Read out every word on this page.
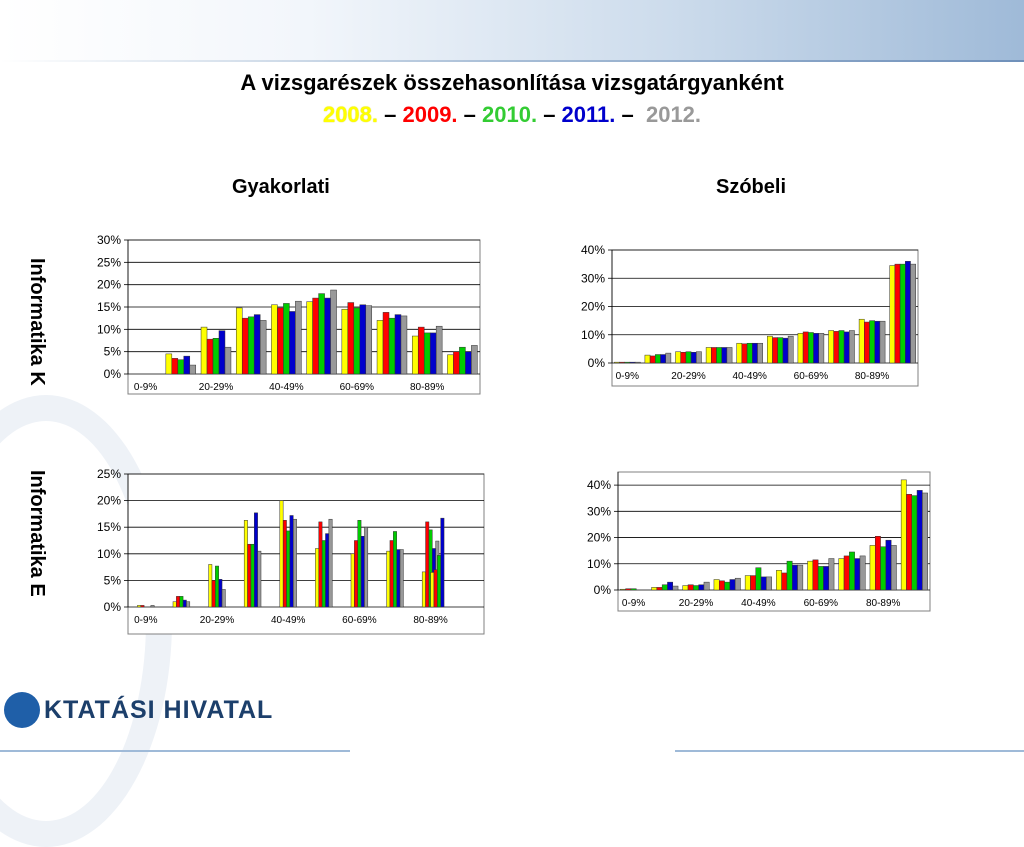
A vizsgarészek összehasonlítása vizsgatárgyanként
2008. – 2009. – 2010. – 2011. –  2012.
Gyakorlati	Szóbeli
Informatika K
Informatika E
0%
5%
10%
15%
20%
25%
30%
0-9%	20-29%	40-49%	60-69%	80-89%
0%
10%
20%
30%
40%
0-9%	20-29%	40-49%	60-69%	80-89%
0%
5%
10%
15%
20%
25%
0-9%	20-29%	40-49%	60-69%	80-89%
0%
10%
20%
30%
40%
0-9%	20-29%	40-49%	60-69%	80-89%
KTATÁSI HIVATAL
